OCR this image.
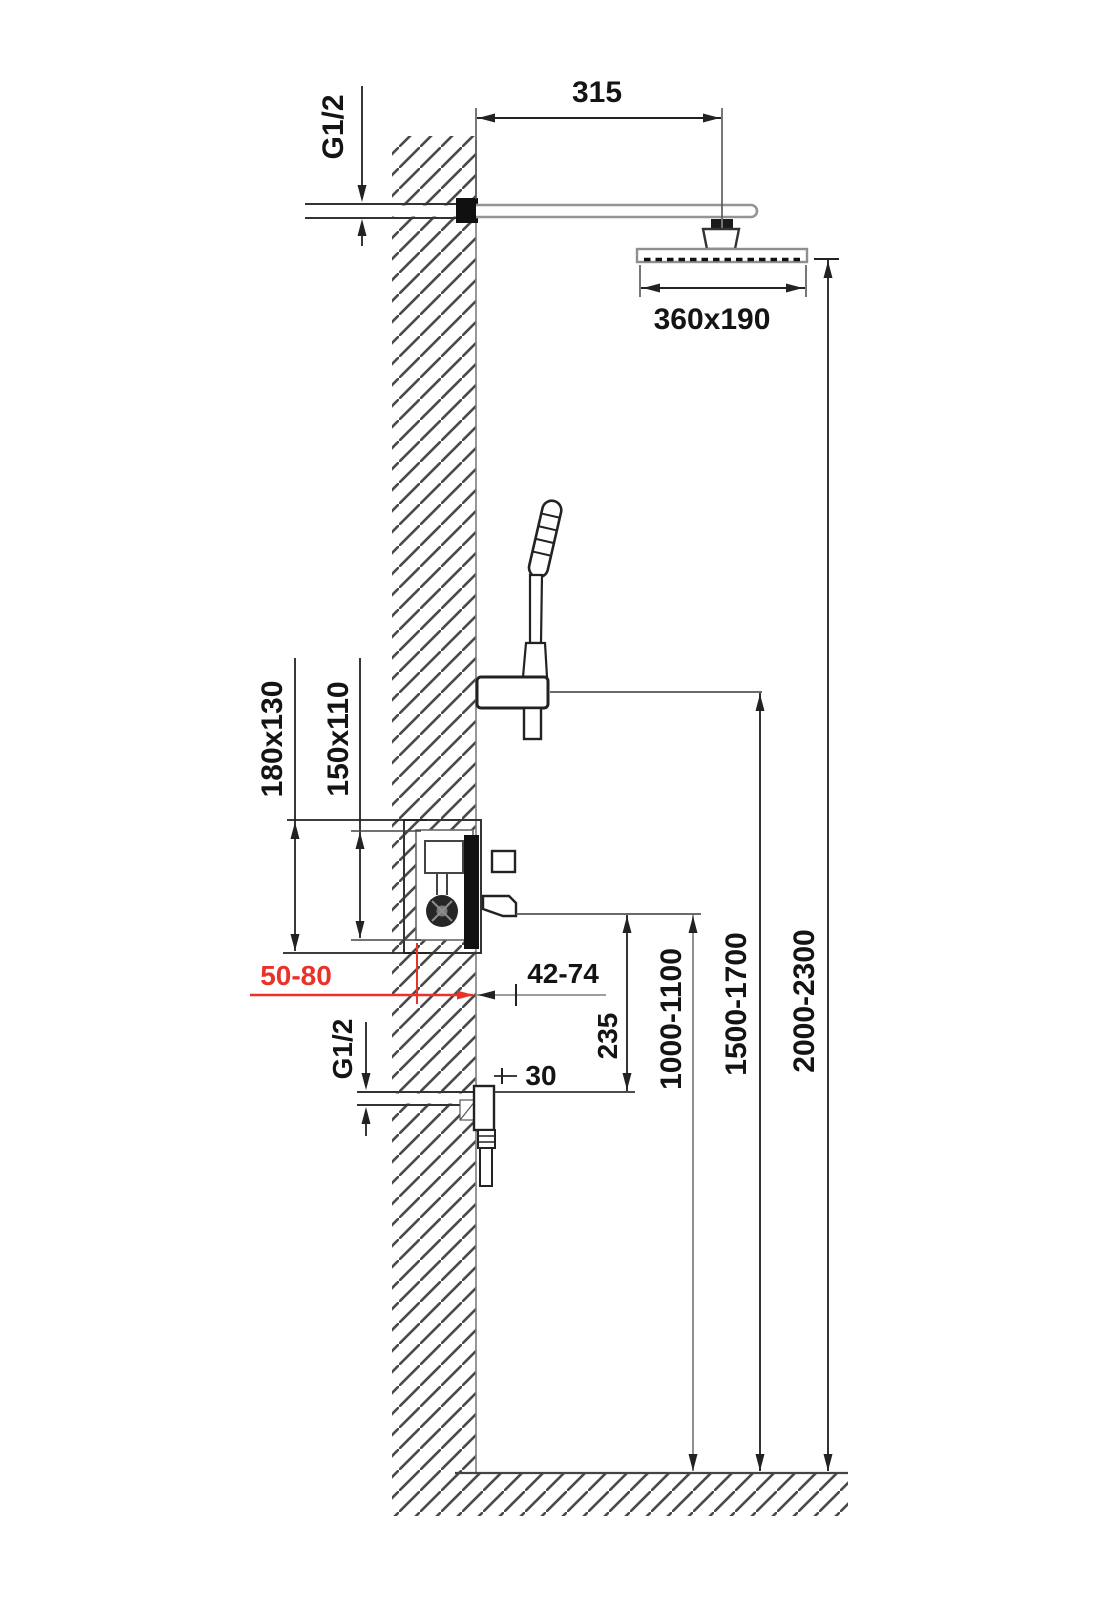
315
G1/2
360x190
180x130 150x110
50-80	42-74
235
G1/2	30	1000-1100 1500-1700 2000-2300
